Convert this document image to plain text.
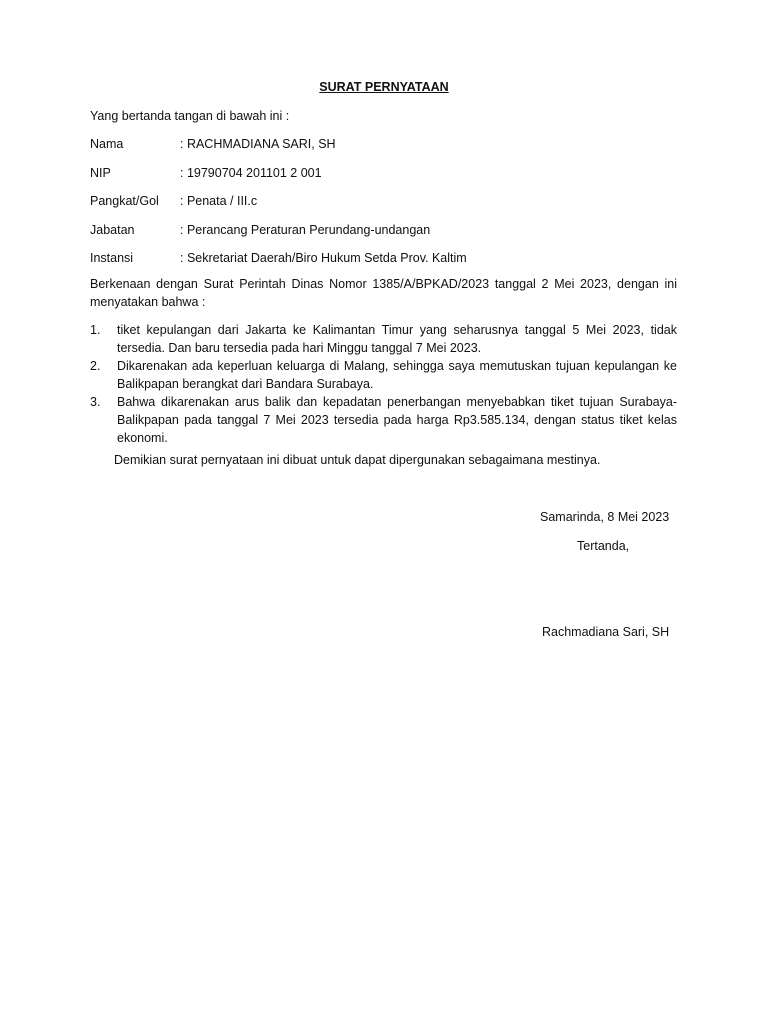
SURAT PERNYATAAN
Yang bertanda tangan di bawah ini :
Nama	: RACHMADIANA SARI, SH
NIP	: 19790704 201101 2 001
Pangkat/Gol	: Penata / III.c
Jabatan	: Perancang Peraturan Perundang-undangan
Instansi	: Sekretariat Daerah/Biro Hukum Setda Prov. Kaltim
Berkenaan dengan Surat Perintah Dinas Nomor 1385/A/BPKAD/2023 tanggal 2 Mei 2023, dengan ini menyatakan bahwa :
1.	tiket kepulangan dari Jakarta ke Kalimantan Timur yang seharusnya tanggal 5 Mei 2023, tidak tersedia. Dan baru tersedia pada hari Minggu tanggal 7 Mei 2023.
2.	Dikarenakan ada keperluan keluarga di Malang, sehingga saya memutuskan tujuan kepulangan ke Balikpapan berangkat dari Bandara Surabaya.
3.	Bahwa dikarenakan arus balik dan kepadatan penerbangan menyebabkan tiket tujuan Surabaya-Balikpapan pada tanggal 7 Mei 2023 tersedia pada harga Rp3.585.134, dengan status tiket kelas ekonomi.
Demikian surat pernyataan ini dibuat untuk dapat dipergunakan sebagaimana mestinya.
Samarinda, 8 Mei 2023
Tertanda,
Rachmadiana Sari, SH
